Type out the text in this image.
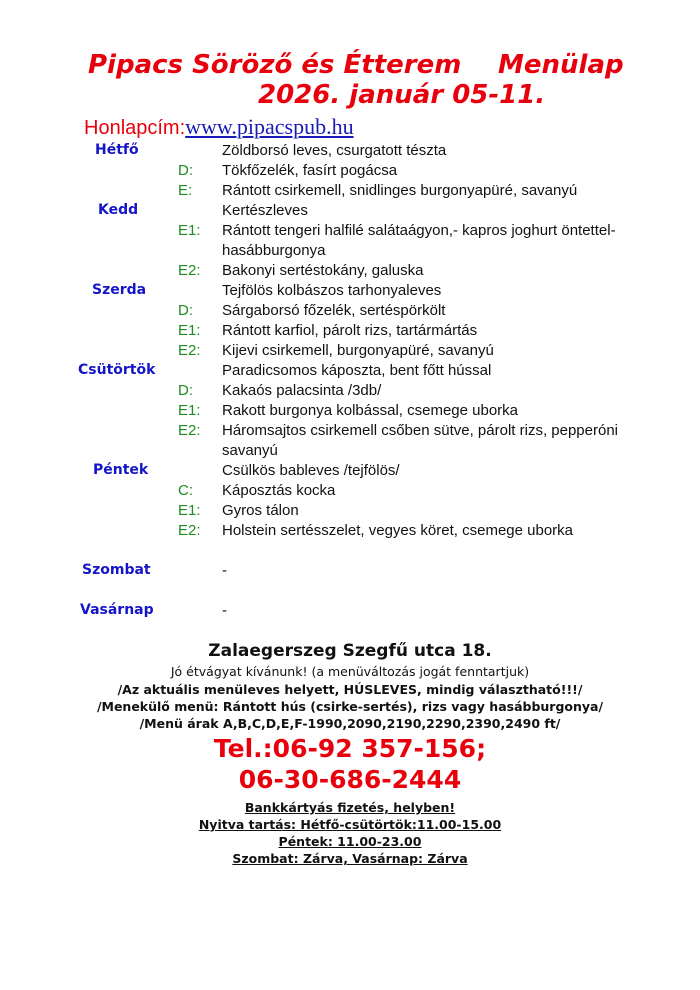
Pipacs Söröző és Étterem Menülap
2026. január 05-11.
Honlapcím:www.pipacspub.hu
Hétfő	Zöldborsó leves, csurgatott tészta
D: Tökfőzelék, fasírt pogácsa
E: Rántott csirkemell, snidlinges burgonyapüré, savanyú
Kedd	Kertészleves
E1: Rántott tengeri halfilé salátaágyon,- kapros joghurt öntettel-
hasábburgonya
E2: Bakonyi sertéstokány, galuska
Szerda	Tejfölös kolbászos tarhonyaleves
D: Sárgaborsó főzelék, sertéspörkölt
E1: Rántott karfiol, párolt rizs, tartármártás
E2: Kijevi csirkemell, burgonyapüré, savanyú
Csütörtök	Paradicsomos káposzta, bent főtt hússal
D: Kakaós palacsinta /3db/
E1: Rakott burgonya kolbással, csemege uborka
E2: Háromsajtos csirkemell csőben sütve, párolt rizs, pepperóni
savanyú
Péntek	Csülkös bableves /tejfölös/
C: Káposztás kocka
E1: Gyros tálon
E2: Holstein sertésszelet, vegyes köret, csemege uborka
Szombat	-
Vasárnap	-
Zalaegerszeg Szegfű utca 18.
Jó étvágyat kívánunk! (a menüváltozás jogát fenntartjuk)
/Az aktuális menüleves helyett, HÚSLEVES, mindig választható!!!/
/Menekülő menü: Rántott hús (csirke-sertés), rizs vagy hasábburgonya/
/Menü árak A,B,C,D,E,F-1990,2090,2190,2290,2390,2490 ft/
Tel.:06-92 357-156;
06-30-686-2444
Bankkártyás fizetés, helyben!
Nyitva tartás: Hétfő-csütörtök:11.00-15.00
Péntek: 11.00-23.00
Szombat: Zárva, Vasárnap: Zárva
